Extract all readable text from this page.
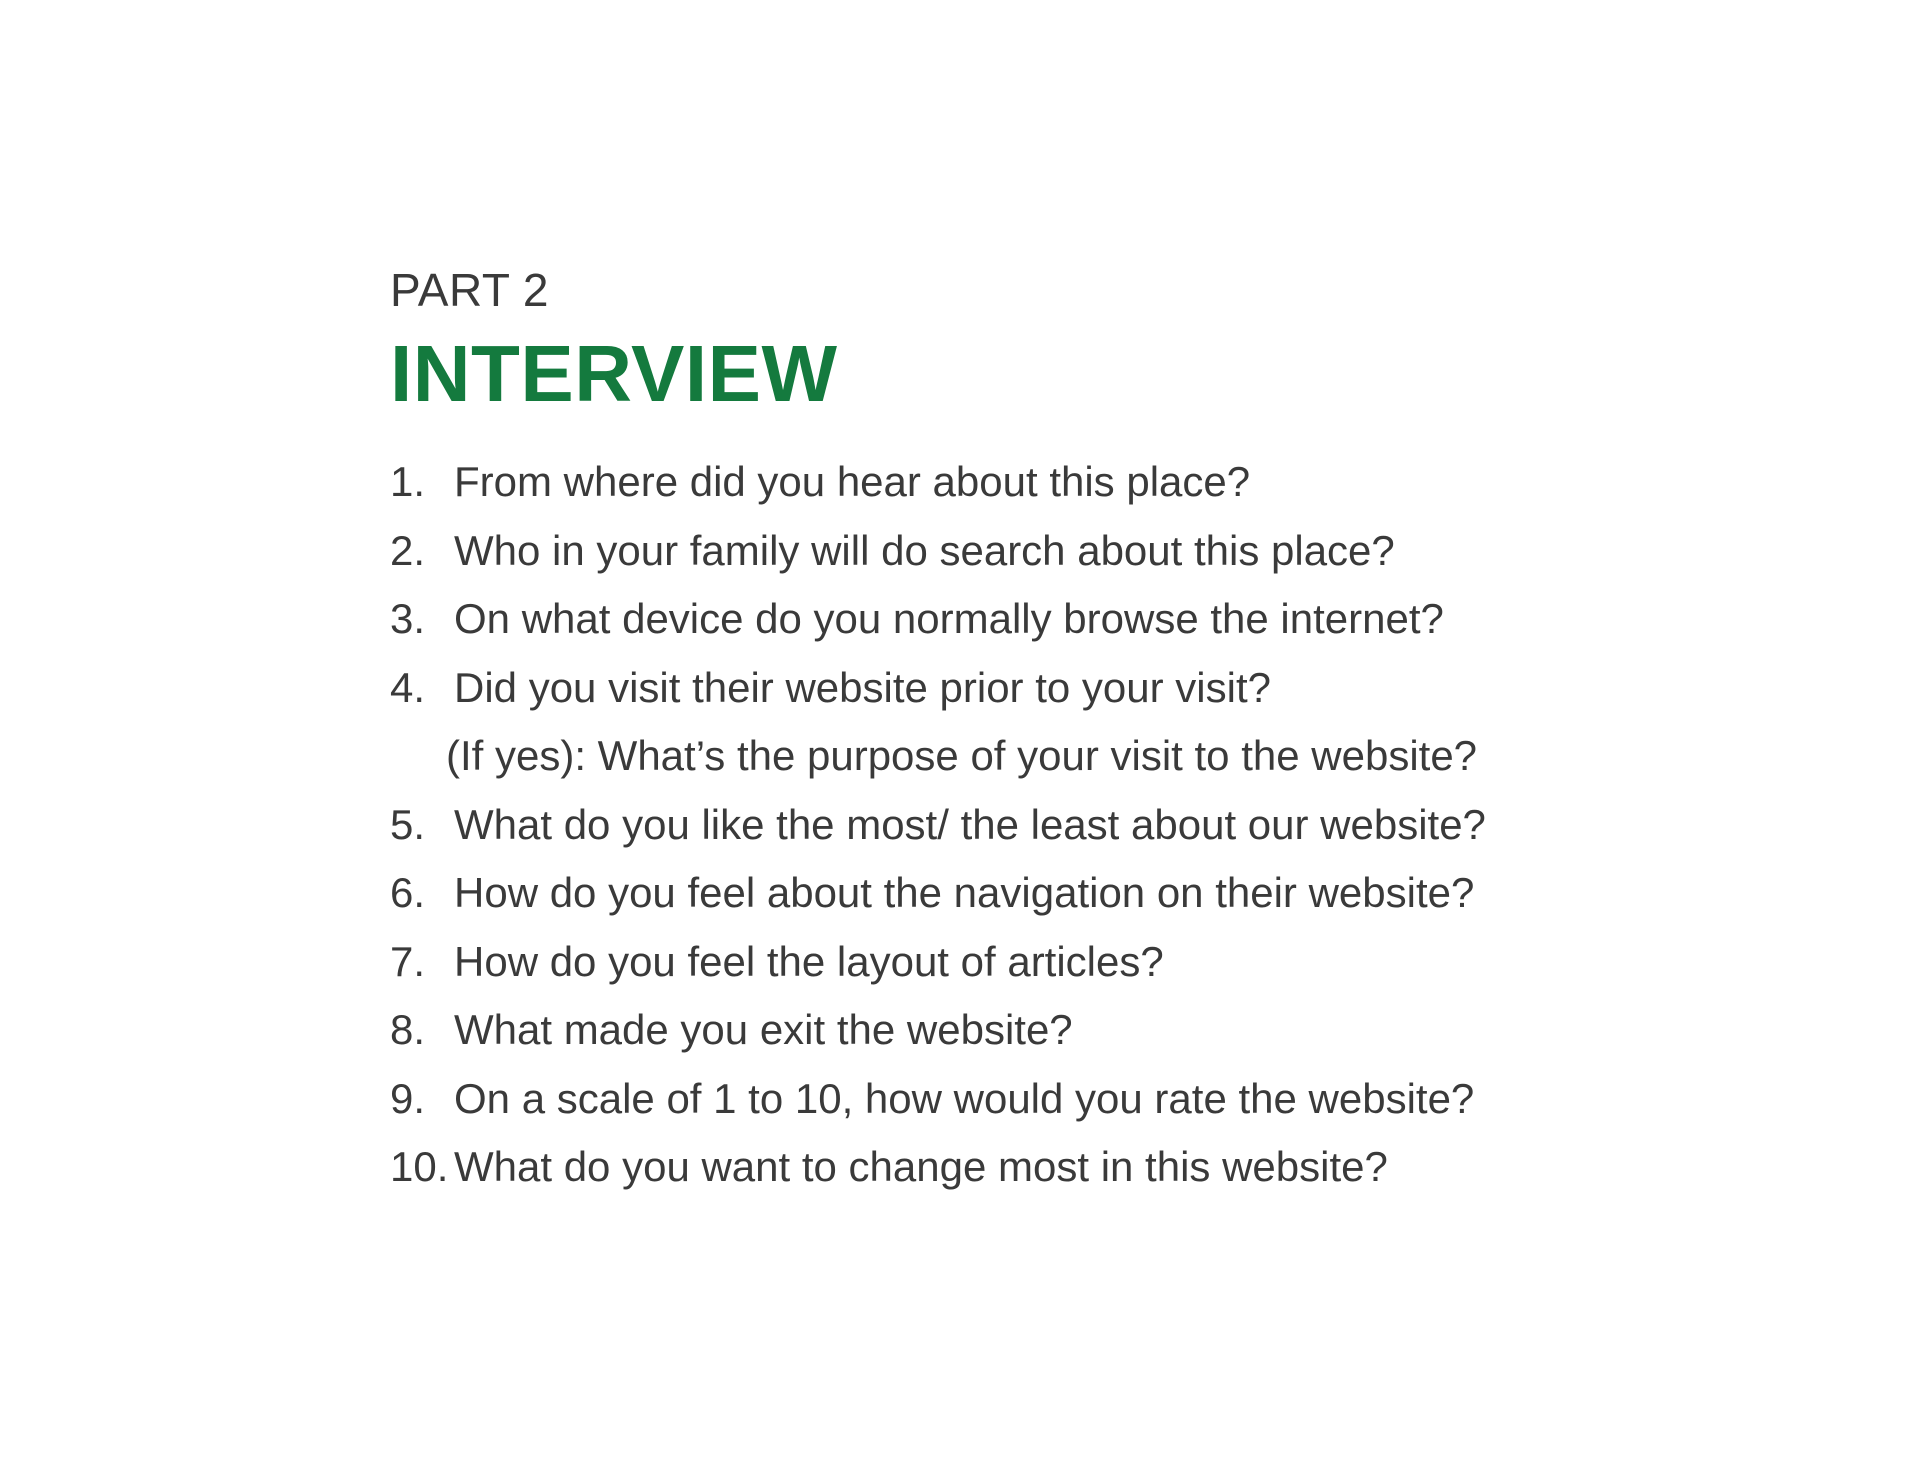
PART 2

INTERVIEW
1. From where did you hear about this place?
2. Who in your family will do search about this place?
3. On what device do you normally browse the internet?
4. Did you visit their website prior to your visit?
(If yes): What’s the purpose of your visit to the website?
5. What do you like the most/ the least about our website?
6. How do you feel about the navigation on their website?
7. How do you feel the layout of articles?
8. What made you exit the website?
9. On a scale of 1 to 10, how would you rate the website?
10. What do you want to change most in this website?
